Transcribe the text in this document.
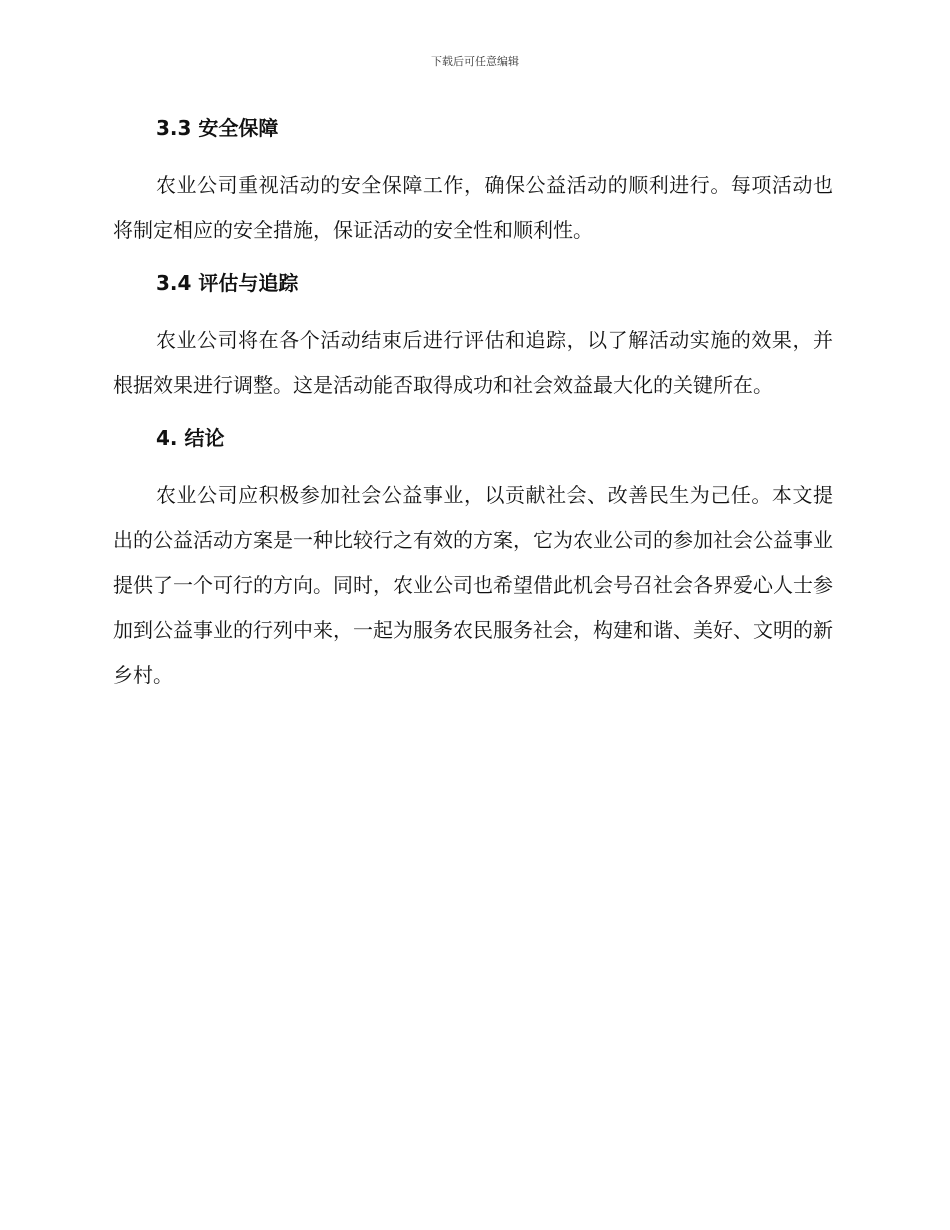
下载后可任意编辑
3.3 安全保障

农业公司重视活动的安全保障工作，确保公益活动的顺利进行。每项活动也将制定相应的安全措施，保证活动的安全性和顺利性。

3.4 评估与追踪

农业公司将在各个活动结束后进行评估和追踪，以了解活动实施的效果，并根据效果进行调整。这是活动能否取得成功和社会效益最大化的关键所在。

4. 结论

农业公司应积极参加社会公益事业，以贡献社会、改善民生为己任。本文提出的公益活动方案是一种比较行之有效的方案，它为农业公司的参加社会公益事业提供了一个可行的方向。同时，农业公司也希望借此机会号召社会各界爱心人士参加到公益事业的行列中来，一起为服务农民服务社会，构建和谐、美好、文明的新乡村。
